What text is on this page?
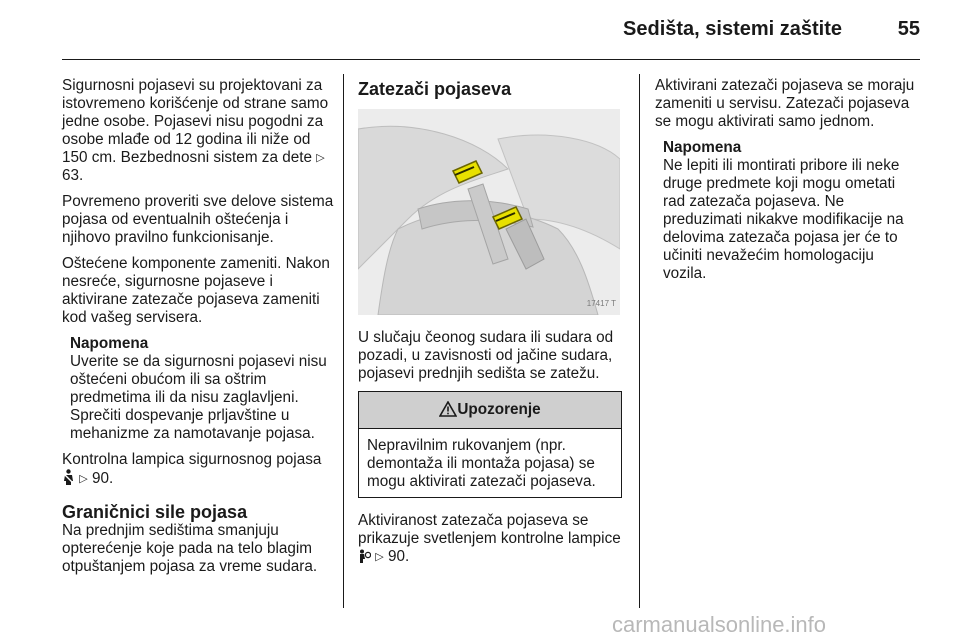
Sedišta, sistemi zaštite	55

Sigurnosni pojasevi su projektovani za istovremeno korišćenje od strane samo jedne osobe. Pojasevi nisu pogodni za osobe mlađe od 12 godina ili niže od 150 cm. Bezbednosni sistem za dete ▷ 63.

Povremeno proveriti sve delove sistema pojasa od eventualnih oštećenja i njihovo pravilno funkcionisanje.

Oštećene komponente zameniti. Nakon nesreće, sigurnosne pojaseve i aktivirane zatezače pojaseva zameniti kod vašeg servisera.

Napomena
Uverite se da sigurnosni pojasevi nisu oštećeni obućom ili sa oštrim predmetima ili da nisu zaglavljeni. Sprečiti dospevanje prljavštine u mehanizme za namotavanje pojasa.

Kontrolna lampica sigurnosnog pojasa  ▷ 90.

Graničnici sile pojasa

Na prednjim sedištima smanjuju opterećenje koje pada na telo blagim otpuštanjem pojasa za vreme sudara.

Zatezači pojaseva
17417 T

U slučaju čeonog sudara ili sudara od pozadi, u zavisnosti od jačine sudara, pojasevi prednjih sedišta se zatežu.

Upozorenje
Nepravilnim rukovanjem (npr. demontaža ili montaža pojasa) se mogu aktivirati zatezači pojaseva.

Aktiviranost zatezača pojaseva se prikazuje svetlenjem kontrolne lampice  ▷ 90.

Aktivirani zatezači pojaseva se moraju zameniti u servisu. Zatezači pojaseva se mogu aktivirati samo jednom.

Napomena
Ne lepiti ili montirati pribore ili neke druge predmete koji mogu ometati rad zatezača pojaseva. Ne preduzimati nikakve modifikacije na delovima zatezača pojasa jer će to učiniti nevažećim homologaciju vozila.
carmanualsonline.info
